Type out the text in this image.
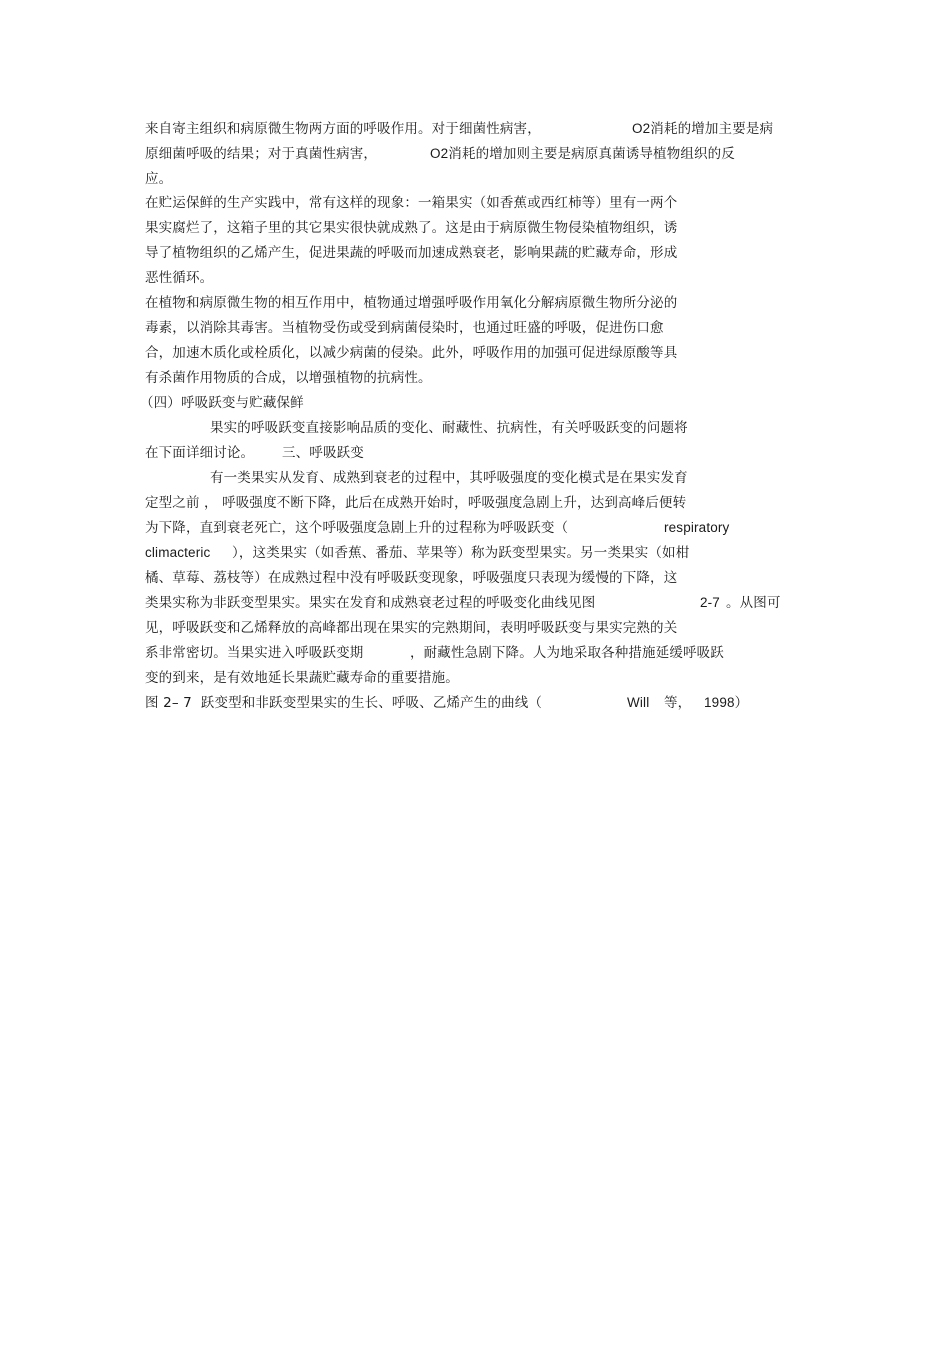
来自寄主组织和病原微生物两方面的呼吸作用。对于细菌性病害，

	O2消耗的增加主要是病

原细菌呼吸的结果；对于真菌性病害，

	O2消耗的增加则主要是病原真菌诱导植物组织的反

应。

在贮运保鲜的生产实践中，常有这样的现象：一箱果实（如香蕉或西红柿等）里有一两个

果实腐烂了，这箱子里的其它果实很快就成熟了。这是由于病原微生物侵染植物组织，诱

导了植物组织的乙烯产生，促进果蔬的呼吸而加速成熟衰老，影响果蔬的贮藏寿命，形成

恶性循环。

在植物和病原微生物的相互作用中，植物通过增强呼吸作用氧化分解病原微生物所分泌的

毒素，以消除其毒害。当植物受伤或受到病菌侵染时，也通过旺盛的呼吸，促进伤口愈

合，加速木质化或栓质化，以减少病菌的侵染。此外，呼吸作用的加强可促进绿原酸等具

有杀菌作用物质的合成，以增强植物的抗病性。

（四）呼吸跃变与贮藏保鲜

果实的呼吸跃变直接影响品质的变化、耐藏性、抗病性，有关呼吸跃变的问题将

在下面详细讨论。

三、呼吸跃变

有一类果实从发育、成熟到衰老的过程中，其呼吸强度的变化模式是在果实发育

定型之前 ， 呼吸强度不断下降，此后在成熟开始时，呼吸强度急剧上升，达到高峰后便转

为下降，直到衰老死亡，这个呼吸强度急剧上升的过程称为呼吸跃变（

	respiratory

climacteric

），这类果实（如香蕉、番茄、苹果等）称为跃变型果实。另一类果实（如柑

橘、草莓、荔枝等）在成熟过程中没有呼吸跃变现象，呼吸强度只表现为缓慢的下降，这

类果实称为非跃变型果实。果实在发育和成熟衰老过程的呼吸变化曲线见图

	2-7

。从图可

见，呼吸跃变和乙烯释放的高峰都出现在果实的完熟期间，表明呼吸跃变与果实完熟的关

系非常密切。当果实进入呼吸跃变期

	，耐藏性急剧下降。人为地采取各种措施延缓呼吸跃

变的到来，是有效地延长果蔬贮藏寿命的重要措施。

图 2– 7  跃变型和非跃变型果实的生长、呼吸、乙烯产生的曲线（

	Will

等，

1998）
